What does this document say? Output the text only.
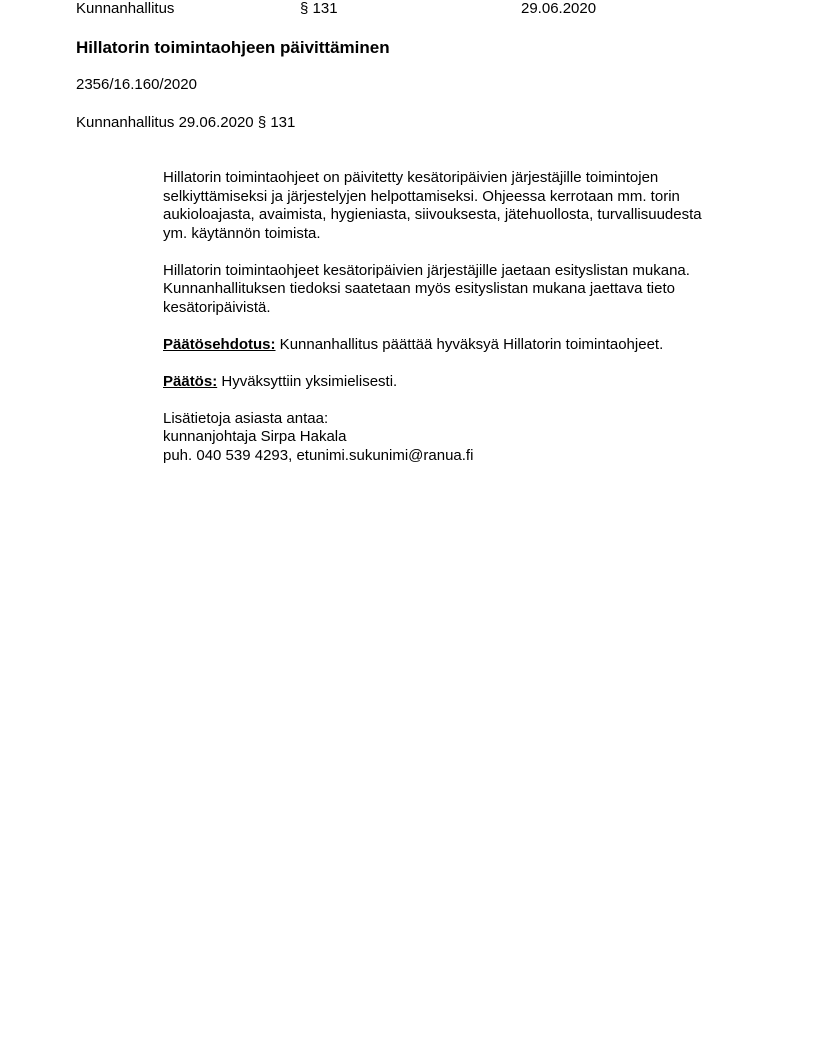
Kunnanhallitus	§ 131	29.06.2020
Hillatorin toimintaohjeen päivittäminen
2356/16.160/2020
Kunnanhallitus 29.06.2020 § 131

Hillatorin toimintaohjeet on päivitetty kesätoripäivien järjestäjille toimintojen
selkiyttämiseksi ja järjestelyjen helpottamiseksi. Ohjeessa kerrotaan mm. torin
aukioloajasta, avaimista, hygieniasta, siivouksesta, jätehuollosta, turvallisuudesta
ym. käytännön toimista.

Hillatorin toimintaohjeet kesätoripäivien järjestäjille jaetaan esityslistan mukana.
Kunnanhallituksen tiedoksi saatetaan myös esityslistan mukana jaettava tieto
kesätoripäivistä.

Päätösehdotus: Kunnanhallitus päättää hyväksyä Hillatorin toimintaohjeet.

Päätös: Hyväksyttiin yksimielisesti.

Lisätietoja asiasta antaa:
kunnanjohtaja Sirpa Hakala
puh. 040 539 4293, etunimi.sukunimi@ranua.fi
